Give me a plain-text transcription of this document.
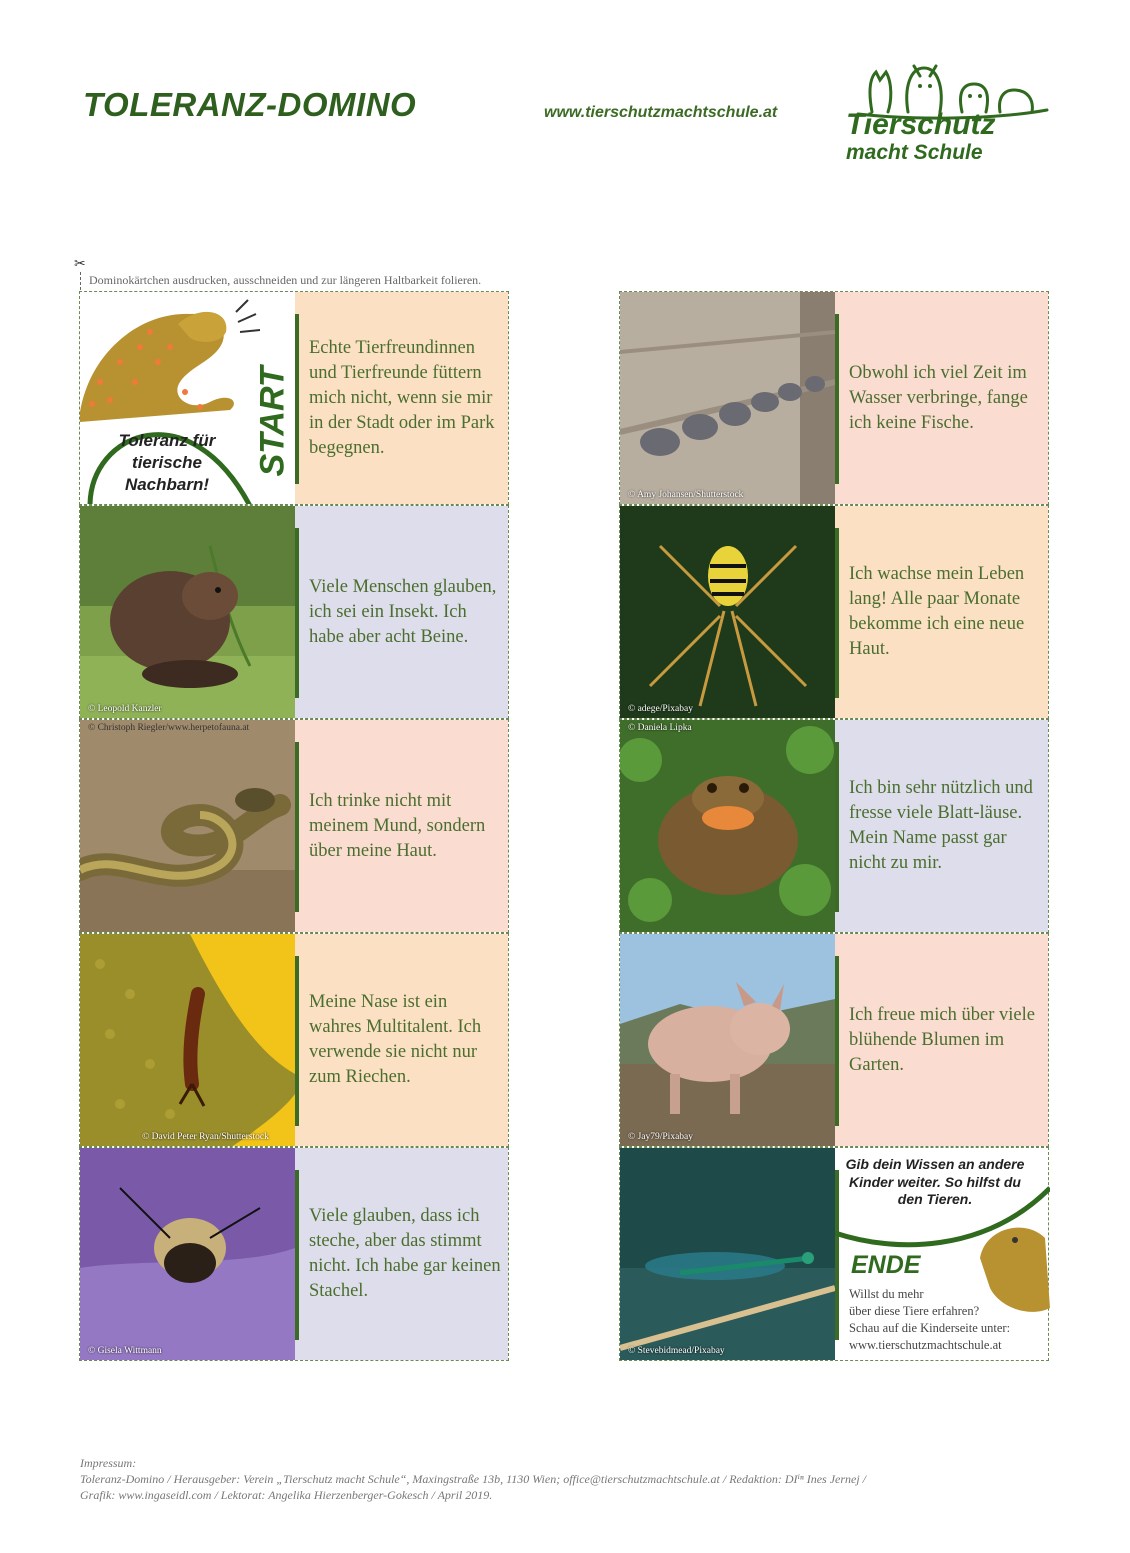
TOLERANZ-DOMINO	www.tierschutzmachtschule.at Tierschutz
macht Schule
✂
Dominokärtchen ausdrucken, ausschneiden und zur längeren Haltbarkeit folieren.
Toleranz für tierische Nachbarn!
START
Echte Tierfreundinnen und Tierfreunde füttern mich nicht, wenn sie mir in der Stadt oder im Park begegnen.
© Leopold Kanzler
Viele Menschen glauben, ich sei ein Insekt. Ich habe aber acht Beine.
© Christoph Riegler/www.herpetofauna.at
Ich trinke nicht mit meinem Mund, sondern über meine Haut.
© David Peter Ryan/Shutterstock
Meine Nase ist ein wahres Multitalent. Ich verwende sie nicht nur zum Riechen.
© Gisela Wittmann
Viele glauben, dass ich steche, aber das stimmt nicht. Ich habe gar keinen Stachel.
© Amy Johansen/Shutterstock
Obwohl ich viel Zeit im Wasser verbringe, fange ich keine Fische.
© adege/Pixabay
Ich wachse mein Leben lang! Alle paar Monate bekomme ich eine neue Haut.
© Daniela Lipka
Ich bin sehr nützlich und fresse viele Blatt-läuse. Mein Name passt gar nicht zu mir.
© Jay79/Pixabay
Ich freue mich über viele blühende Blumen im Garten.
© Stevebidmead/Pixabay
Gib dein Wissen an andere Kinder weiter. So hilfst du den Tieren.
ENDE
Willst du mehr
über diese Tiere erfahren?
Schau auf die Kinderseite unter:
www.tierschutzmachtschule.at
Impressum:
Toleranz-Domino / Herausgeber: Verein „Tierschutz macht Schule“, Maxingstraße 13b, 1130 Wien; office@tierschutzmachtschule.at / Redaktion: DIⁱⁿ Ines Jernej /
Grafik: www.ingaseidl.com / Lektorat: Angelika Hierzenberger-Gokesch / April 2019.
